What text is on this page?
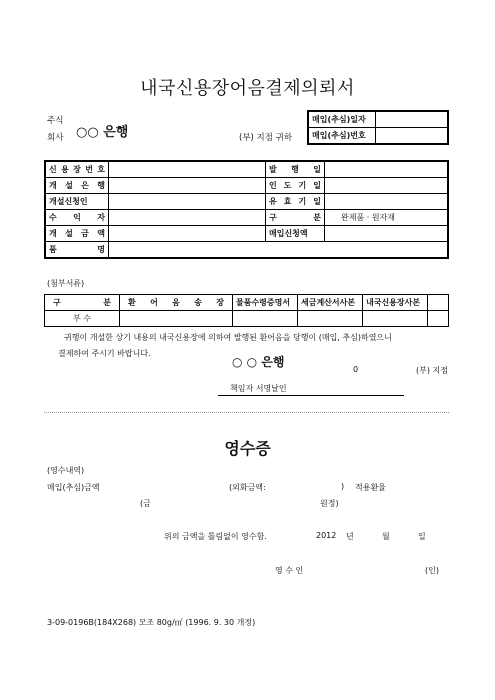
내국신용장어음결제의뢰서
주식
회사 ○○ 은행	(부) 지점 귀하
매입(추심)일자	
매입(추심)번호	
신 용 장 번 호		발 행 일	
개 설 은 행		인 도 기 일	
개설신청인		유 효 기 일	
수 익 자		구 분	완제품 · 원자재
개 설 금 액		매입신청액	
품 명			
(첨부서류)
구 분	환 어 음 송 장	물품수령증명서	세금계산서사본	내국신용장사본	
부 수					
귀행이 개설한 상기 내용의 내국신용장에 의하여 발행된 환어음을 당행이 (매입, 추심)하였으니
결제하여 주시기 바랍니다.
○ ○ 은행
0	(부) 지점
책임자 서명날인
영수증
(영수내역)
매입(추심)금액	(외화금액:	) 적용환율
(금	원정)
위의 금액을 틀림없이 영수함.	2012 년	월	일
영 수 인	(인)
3-09-0196B(184X268) 모조 80g/㎡ (1996. 9. 30 개정)
